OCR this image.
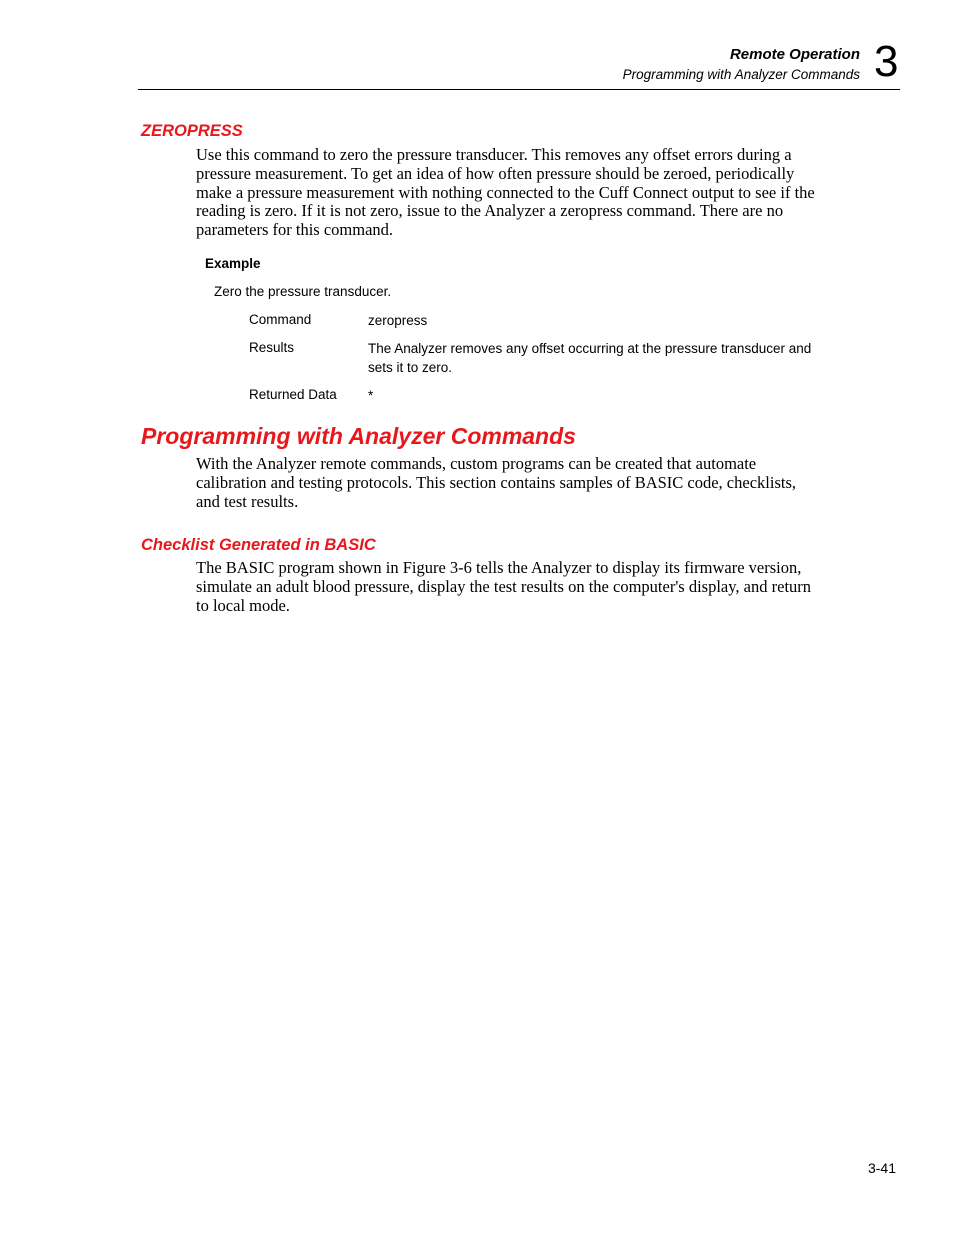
Remote Operation
Programming with Analyzer Commands 3
ZEROPRESS
Use this command to zero the pressure transducer. This removes any offset errors during a pressure measurement. To get an idea of how often pressure should be zeroed, periodically make a pressure measurement with nothing connected to the Cuff Connect output to see if the reading is zero. If it is not zero, issue to the Analyzer a zeropress command. There are no parameters for this command.
Example
Zero the pressure transducer.
Command	zeropress
Results	The Analyzer removes any offset occurring at the pressure transducer and sets it to zero.
Returned Data *
Programming with Analyzer Commands
With the Analyzer remote commands, custom programs can be created that automate calibration and testing protocols. This section contains samples of BASIC code, checklists, and test results.
Checklist Generated in BASIC
The BASIC program shown in Figure 3-6 tells the Analyzer to display its firmware version, simulate an adult blood pressure, display the test results on the computer's display, and return to local mode.
3-41
